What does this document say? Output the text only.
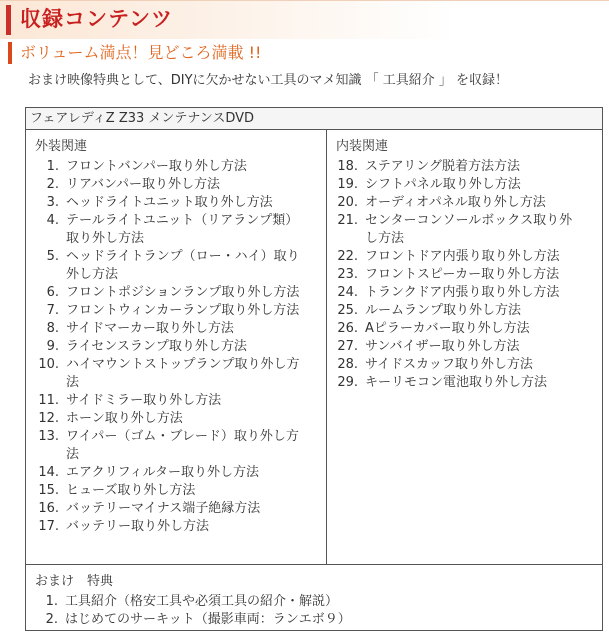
収録コンテンツ
ボリューム満点！見どころ満載 !!
おまけ映像特典として、DIYに欠かせない工具のマメ知識 「 工具紹介 」 を収録！
フェアレディZ Z33 メンテナンスDVD
外装関連
1. フロントバンパー取り外し方法
2. リアバンパー取り外し方法
3. ヘッドライトユニット取り外し方法
4. テールライトユニット（リアランプ類）
取り外し方法
5. ヘッドライトランプ（ロー・ハイ）取り
外し方法
6. フロントポジションランプ取り外し方法
7. フロントウィンカーランプ取り外し方法
8. サイドマーカー取り外し方法
9. ライセンスランプ取り外し方法
10. ハイマウントストップランプ取り外し方
法
11. サイドミラー取り外し方法
12. ホーン取り外し方法
13. ワイパー（ゴム・ブレード）取り外し方
法
14. エアクリフィルター取り外し方法
15. ヒューズ取り外し方法
16. バッテリーマイナス端子絶縁方法
17. バッテリー取り外し方法
内装関連
18. ステアリング脱着方法方法
19. シフトパネル取り外し方法
20. オーディオパネル取り外し方法
21. センターコンソールボックス取り外
し方法
22. フロントドア内張り取り外し方法
23. フロントスピーカー取り外し方法
24. トランクドア内張り取り外し方法
25. ルームランプ取り外し方法
26. Aピラーカバー取り外し方法
27. サンバイザー取り外し方法
28. サイドスカッフ取り外し方法
29. キーリモコン電池取り外し方法
おまけ　特典
1. 工具紹介（格安工具や必須工具の紹介・解説）
2. はじめてのサーキット（撮影車両：ランエボ９）
